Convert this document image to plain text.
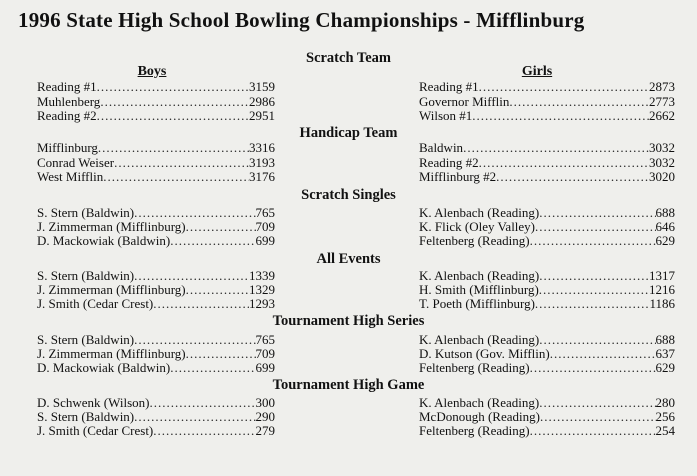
1996 State High School Bowling Championships - Mifflinburg
Boys	Girls
Scratch Team
Reading #1 .....	3159
Muhlenberg .....	2986
Reading #2 .....	2951
Reading #1 .....	2873
Governor Mifflin .....	2773
Wilson #1 .....	2662
Handicap Team
Mifflinburg .....	3316
Conrad Weiser .....	3193
West Mifflin .....	3176
Baldwin .....	3032
Reading #2 .....	3032
Mifflinburg #2 .....	3020
Scratch Singles
S. Stern (Baldwin) .....	765
J. Zimmerman (Mifflinburg) .....	709
D. Mackowiak (Baldwin) .....	699
K. Alenbach (Reading) .....	688
K. Flick (Oley Valley) .....	646
Feltenberg (Reading) .....	629
All Events
S. Stern (Baldwin) .....	1339
J. Zimmerman (Mifflinburg) .....	1329
J. Smith (Cedar Crest) .....	1293
K. Alenbach (Reading) .....	1317
H. Smith (Mifflinburg) .....	1216
T. Poeth (Mifflinburg) .....	1186
Tournament High Series
S. Stern (Baldwin) .....	765
J. Zimmerman (Mifflinburg) .....	709
D. Mackowiak (Baldwin) .....	699
K. Alenbach (Reading) .....	688
D. Kutson (Gov. Mifflin) .....	637
Feltenberg (Reading) .....	629
Tournament High Game
D. Schwenk (Wilson) .....	300
S. Stern (Baldwin) .....	290
J. Smith (Cedar Crest) .....	279
K. Alenbach (Reading) .....	280
McDonough (Reading) .....	256
Feltenberg (Reading) .....	254
